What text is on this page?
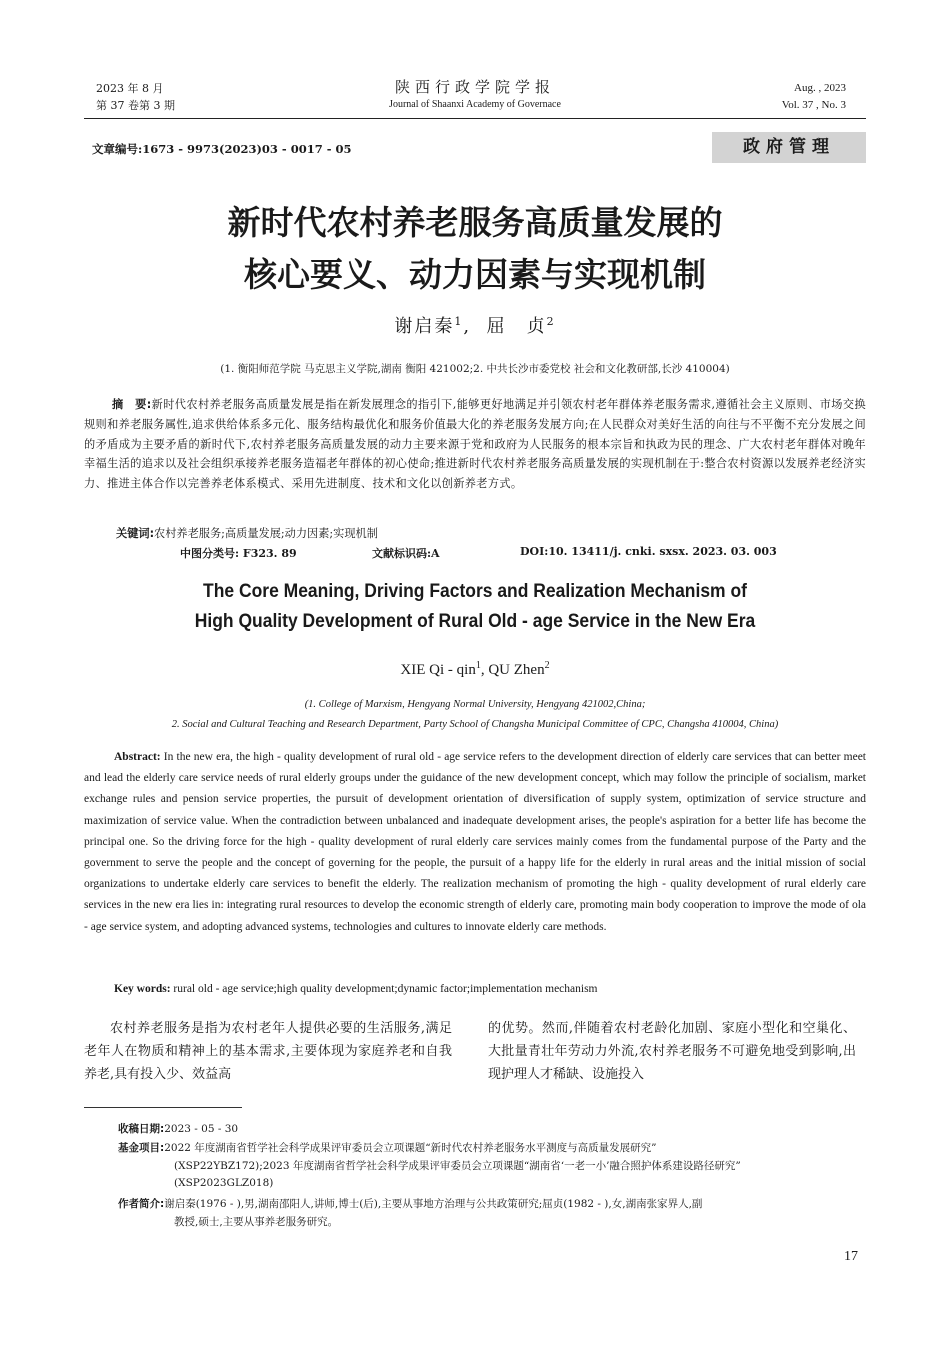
2023 年 8 月
第 37 卷第 3 期
陕西行政学院学报
Journal of Shaanxi Academy of Governace
Aug. , 2023
Vol. 37 , No. 3
文章编号:1673 - 9973(2023)03 - 0017 - 05	政府管理
新时代农村养老服务高质量发展的
核心要义、动力因素与实现机制
谢启秦$^1$, 屈　贞$^2$
(1. 衡阳师范学院 马克思主义学院,湖南 衡阳 421002;2. 中共长沙市委党校 社会和文化教研部,长沙 410004)
摘　要:新时代农村养老服务高质量发展是指在新发展理念的指引下,能够更好地满足并引领农村老年群体养老服务需求,遵循社会主义原则、市场交换规则和养老服务属性,追求供给体系多元化、服务结构最优化和服务价值最大化的养老服务发展方向;在人民群众对美好生活的向往与不平衡不充分发展之间的矛盾成为主要矛盾的新时代下,农村养老服务高质量发展的动力主要来源于党和政府为人民服务的根本宗旨和执政为民的理念、广大农村老年群体对晚年幸福生活的追求以及社会组织承接养老服务造福老年群体的初心使命;推进新时代农村养老服务高质量发展的实现机制在于:整合农村资源以发展养老经济实力、推进主体合作以完善养老体系模式、采用先进制度、技术和文化以创新养老方式。
关键词:农村养老服务;高质量发展;动力因素;实现机制
中图分类号: F323. 89	文献标识码:A	DOI:10. 13411/j. cnki. sxsx. 2023. 03. 003
The Core Meaning, Driving Factors and Realization Mechanism of
High Quality Development of Rural Old - age Service in the New Era
XIE Qi - qin$^1$, QU Zhen$^2$
(1. College of Marxism, Hengyang Normal University, Hengyang 421002,China;
2. Social and Cultural Teaching and Research Department, Party School of Changsha Municipal Committee of CPC, Changsha 410004, China)
Abstract: In the new era, the high - quality development of rural old - age service refers to the development direction of elderly care services that can better meet and lead the elderly care service needs of rural elderly groups under the guidance of the new development concept, which may follow the principle of socialism, market exchange rules and pension service properties, the pursuit of development orientation of diversification of supply system, optimization of service structure and maximization of service value. When the contradiction between unbalanced and inadequate development arises, the people's aspiration for a better life has become the principal one. So the driving force for the high - quality development of rural elderly care services mainly comes from the fundamental purpose of the Party and the government to serve the people and the concept of governing for the people, the pursuit of a happy life for the elderly in rural areas and the initial mission of social organizations to undertake elderly care services to benefit the elderly. The realization mechanism of promoting the high - quality development of rural elderly care services in the new era lies in: integrating rural resources to develop the economic strength of elderly care, promoting main body cooperation to improve the mode of ola - age service system, and adopting advanced systems, technologies and cultures to innovate elderly care methods.
Key words: rural old - age service;high quality development;dynamic factor;implementation mechanism
农村养老服务是指为农村老年人提供必要的生活服务,满足老年人在物质和精神上的基本需求,主要体现为家庭养老和自我养老,具有投入少、效益高
的优势。然而,伴随着农村老龄化加剧、家庭小型化和空巢化、大批量青壮年劳动力外流,农村养老服务不可避免地受到影响,出现护理人才稀缺、设施投入
收稿日期:2023 - 05 - 30
基金项目:2022 年度湖南省哲学社会科学成果评审委员会立项课题“新时代农村养老服务水平测度与高质量发展研究”
(XSP22YBZ172);2023 年度湖南省哲学社会科学成果评审委员会立项课题“湖南省‘一老一小’融合照护体系建设路径研究”
(XSP2023GLZ018)
作者简介:谢启秦(1976 - ),男,湖南邵阳人,讲师,博士(后),主要从事地方治理与公共政策研究;屈贞(1982 - ),女,湖南张家界人,副
教授,硕士,主要从事养老服务研究。
17
